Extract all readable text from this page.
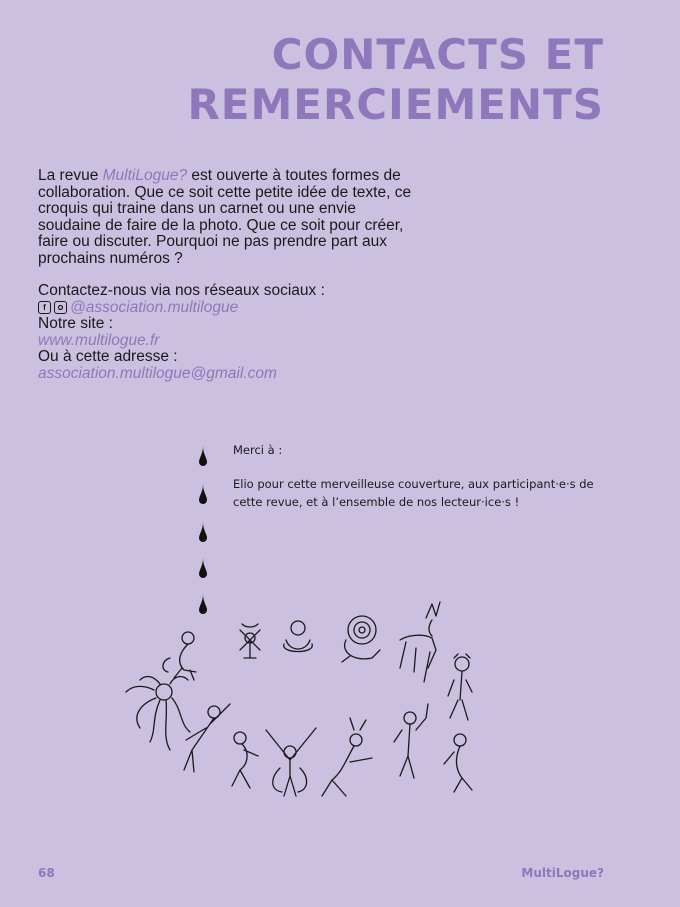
CONTACTS ET
REMERCIEMENTS

La revue MultiLogue? est ouverte à toutes formes de collaboration. Que ce soit cette petite idée de texte, ce croquis qui traine dans un carnet ou une envie soudaine de faire de la photo. Que ce soit pour créer, faire ou discuter. Pourquoi ne pas prendre part aux prochains numéros ?

Contactez-nous via nos réseaux sociaux :

f	@association.multilogue

Notre site :

www.multilogue.fr

Ou à cette adresse :

association.multilogue@gmail.com

Merci à :

Elio pour cette merveilleuse couverture, aux participant·e·s de cette revue, et à l’ensemble de nos lecteur·ice·s !

68	MultiLogue?
